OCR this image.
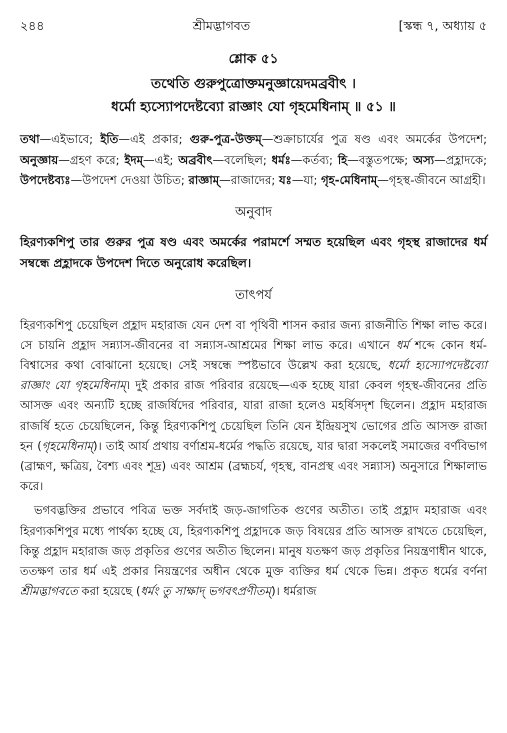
২৪৪	শ্রীমদ্ভাগবত	[স্কন্ধ ৭, অধ্যায় ৫
শ্লোক ৫১
তথেতি গুরুপুত্রোক্তমনুজ্ঞায়েদমব্রবীৎ ।
ধর্মো হ্যস্যোপদেষ্টব্যো রাজ্ঞাং যো গৃহমেধিনাম্ ॥ ৫১ ॥
তথা—এইভাবে; ইতি—এই প্রকার; গুরু-পুত্র-উক্তম্—শুক্রাচার্যের পুত্র ষণ্ড এবং অমর্কের উপদেশ; অনুজ্ঞায়—গ্রহণ করে; ইদম্—এই; অব্রবীৎ—বলেছিল; ধর্মঃ—কর্তব্য; হি—বস্তুতপক্ষে; অস্য—প্রহ্লাদকে; উপদেষ্টব্যঃ—উপদেশ দেওয়া উচিত; রাজ্ঞাম্—রাজাদের; যঃ—যা; গৃহ-মেধিনাম্—গৃহস্থ-জীবনে আগ্রহী।
অনুবাদ
হিরণ্যকশিপু তার গুরুর পুত্র ষণ্ড এবং অমর্কের পরামর্শে সম্মত হয়েছিল এবং গৃহস্থ রাজাদের ধর্ম সম্বন্ধে প্রহ্লাদকে উপদেশ দিতে অনুরোধ করেছিল।
তাৎপর্য

হিরণ্যকশিপু চেয়েছিল প্রহ্লাদ মহারাজ যেন দেশ বা পৃথিবী শাসন করার জন্য রাজনীতি শিক্ষা লাভ করে। সে চায়নি প্রহ্লাদ সন্ন্যাস-জীবনের বা সন্ন্যাস-আশ্রমের শিক্ষা লাভ করে। এখানে ধর্ম শব্দে কোন ধর্ম-বিশ্বাসের কথা বোঝানো হয়েছে। সেই সম্বন্ধে স্পষ্টভাবে উল্লেখ করা হয়েছে, ধর্মো হ্যস্যোপদেষ্টব্যো রাজ্ঞাং যো গৃহমেধিনাম্। দুই প্রকার রাজ পরিবার রয়েছে—এক হচ্ছে যারা কেবল গৃহস্থ-জীবনের প্রতি আসক্ত এবং অন্যটি হচ্ছে রাজর্ষিদের পরিবার, যারা রাজা হলেও মহর্ষিসদৃশ ছিলেন। প্রহ্লাদ মহারাজ রাজর্ষি হতে চেয়েছিলেন, কিন্তু হিরণ্যকশিপু চেয়েছিল তিনি যেন ইন্দ্রিয়সুখ ভোগের প্রতি আসক্ত রাজা হন (গৃহমেধিনাম্)। তাই আর্য প্রথায় বর্ণাশ্রম-ধর্মের পদ্ধতি রয়েছে, যার দ্বারা সকলেই সমাজের বর্ণবিভাগ (ব্রাহ্মণ, ক্ষত্রিয়, বৈশ্য এবং শূদ্র) এবং আশ্রম (ব্রহ্মচর্য, গৃহস্থ, বানপ্রস্থ এবং সন্ন্যাস) অনুসারে শিক্ষালাভ করে।

ভগবদ্ভক্তির প্রভাবে পবিত্র ভক্ত সর্বদাই জড়-জাগতিক গুণের অতীত। তাই প্রহ্লাদ মহারাজ এবং হিরণ্যকশিপুর মধ্যে পার্থক্য হচ্ছে যে, হিরণ্যকশিপু প্রহ্লাদকে জড় বিষয়ের প্রতি আসক্ত রাখতে চেয়েছিল, কিন্তু প্রহ্লাদ মহারাজ জড় প্রকৃতির গুণের অতীত ছিলেন। মানুষ যতক্ষণ জড় প্রকৃতির নিয়ন্ত্রণাধীন থাকে, ততক্ষণ তার ধর্ম এই প্রকার নিয়ন্ত্রণের অধীন থেকে মুক্ত ব্যক্তির ধর্ম থেকে ভিন্ন। প্রকৃত ধর্মের বর্ণনা শ্রীমদ্ভাগবতে করা হয়েছে (ধর্মং তু সাক্ষাদ্ ভগবৎপ্রণীতম্)। ধর্মরাজ
